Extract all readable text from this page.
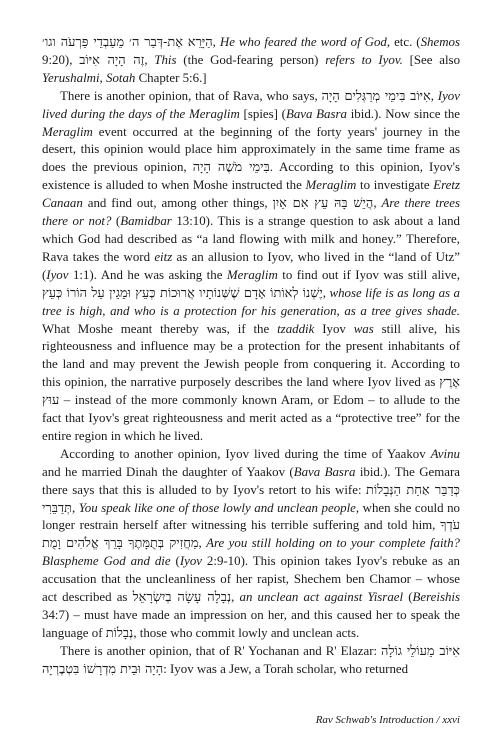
הַיָּרֵא אֶת-דְּבַר ה׳ מֵעַבְדֵי פַּרְעֹה וגו׳, He who feared the word of God, etc. (Shemos 9:20), זֶה הָיָה אִיּוֹב, This (the God-fearing person) refers to Iyov. [See also Yerushalmi, Sotah Chapter 5:6.]

There is another opinion, that of Rava, who says, אִיּוֹב בִּימֵי מְרַגְּלִים הָיָה, Iyov lived during the days of the Meraglim [spies] (Bava Basra ibid.). Now since the Meraglim event occurred at the beginning of the forty years' journey in the desert, this opinion would place him approximately in the same time frame as does the previous opinion, בִּימֵי מֹשֶׁה הָיָה. According to this opinion, Iyov's existence is alluded to when Moshe instructed the Meraglim to investigate Eretz Canaan and find out, among other things, הֲיֵשׁ בָּהּ עֵץ אִם אַיִן, Are there trees there or not? (Bamidbar 13:10). This is a strange question to ask about a land which God had described as “a land flowing with milk and honey.” Therefore, Rava takes the word eitz as an allusion to Iyov, who lived in the “land of Utz” (Iyov 1:1). And he was asking the Meraglim to find out if Iyov was still alive, יֶשְׁנוֹ לְאוֹתוֹ אָדָם שֶׁשְּׁנוֹתָיו אֲרוּכוֹת כְּעֵץ וּמֵגֵין עַל הוֹרוֹ כְּעֵץ, whose life is as long as a tree is high, and who is a protection for his generation, as a tree gives shade. What Moshe meant thereby was, if the tzaddik Iyov was still alive, his righteousness and influence may be a protection for the present inhabitants of the land and may prevent the Jewish people from conquering it. According to this opinion, the narrative purposely describes the land where Iyov lived as אֶרֶץ עוּץ – instead of the more commonly known Aram, or Edom – to allude to the fact that Iyov's great righteousness and merit acted as a “protective tree” for the entire region in which he lived.

According to another opinion, Iyov lived during the time of Yaakov Avinu and he married Dinah the daughter of Yaakov (Bava Basra ibid.). The Gemara there says that this is alluded to by Iyov's retort to his wife: כְּדַבֵּר אַחַת הַנְּבָלוֹת תְּדַבֵּרִי, You speak like one of those lowly and unclean people, when she could no longer restrain herself after witnessing his terrible suffering and told him, עֹדְךָ מַחֲזִיק בְּתֻמָּתֶךָ בָּרֵךְ אֱלֹהִים וָמֻת, Are you still holding on to your complete faith? Blaspheme God and die (Iyov 2:9-10). This opinion takes Iyov's rebuke as an accusation that the uncleanliness of her rapist, Shechem ben Chamor – whose act described as נְבָלָה עָשָׂה בְיִשְׂרָאֵל, an unclean act against Yisrael (Bereishis 34:7) – must have made an impression on her, and this caused her to speak the language of נְבָלוֹת, those who commit lowly and unclean acts.

There is another opinion, that of R' Yochanan and R' Elazar: אִיּוֹב מֵעוֹלֵי גוֹלָה הָיָה וּבֵית מִדְרָשׁוֹ בִּטְבֶרְיָה: Iyov was a Jew, a Torah scholar, who returned

Rav Schwab's Introduction / xxvi
